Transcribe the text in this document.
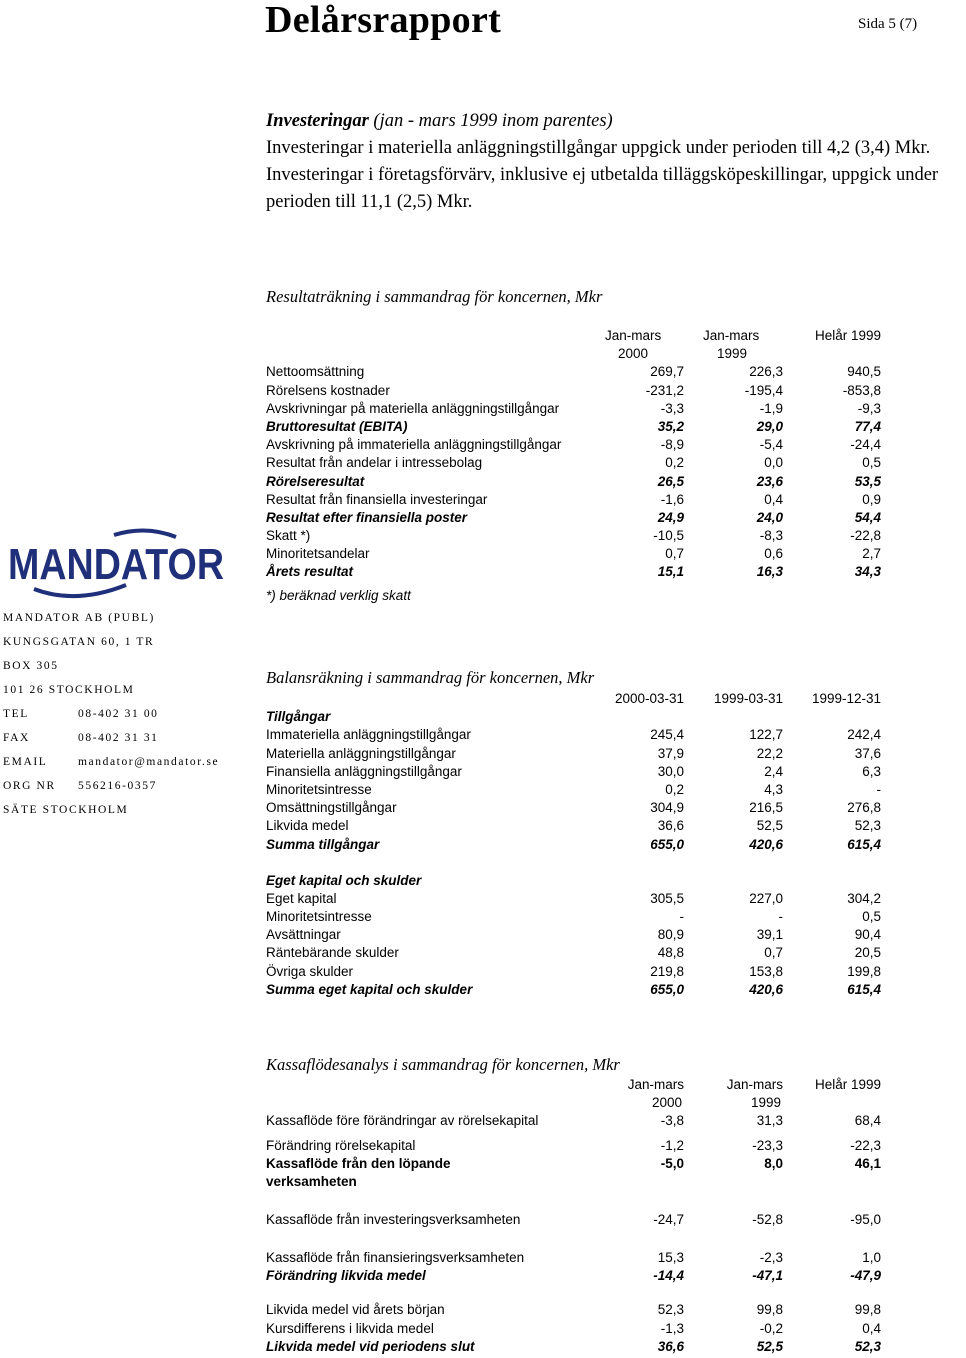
Delårsrapport	Sida 5 (7)
Investeringar (jan - mars 1999 inom parentes)
Investeringar i materiella anläggningstillgångar uppgick under perioden till 4,2 (3,4) Mkr.
Investeringar i företagsförvärv, inklusive ej utbetalda tilläggsköpeskillingar, uppgick under
perioden till 11,1 (2,5) Mkr.
Resultaträkning i sammandrag för koncernen, Mkr
Jan-mars	Jan-mars	Helår 1999
2000	1999
Nettoomsättning	269,7	226,3	940,5
Rörelsens kostnader	-231,2	-195,4	-853,8
Avskrivningar på materiella anläggningstillgångar	-3,3	-1,9	-9,3
Bruttoresultat (EBITA)	35,2	29,0	77,4
Avskrivning på immateriella anläggningstillgångar	-8,9	-5,4	-24,4
Resultat från andelar i intressebolag	0,2	0,0	0,5
Rörelseresultat	26,5	23,6	53,5
Resultat från finansiella investeringar	-1,6	0,4	0,9
Resultat efter finansiella poster	24,9	24,0	54,4
Skatt *)	-10,5	-8,3	-22,8
Minoritetsandelar	0,7	0,6	2,7
Årets resultat	15,1	16,3	34,3
*) beräknad verklig skatt
MANDATOR
MANDATOR AB (PUBL)
KUNGSGATAN 60, 1 TR
BOX 305
101 26 STOCKHOLM
TEL	08-402 31 00
FAX	08-402 31 31
EMAIL	mandator@mandator.se
ORG NR 556216-0357
SÄTE STOCKHOLM
Balansräkning i sammandrag för koncernen, Mkr
2000-03-31 1999-03-31 1999-12-31
Tillgångar
Immateriella anläggningstillgångar	245,4	122,7	242,4
Materiella anläggningstillgångar	37,9	22,2	37,6
Finansiella anläggningstillgångar	30,0	2,4	6,3
Minoritetsintresse	0,2	4,3	-
Omsättningstillgångar	304,9	216,5	276,8
Likvida medel	36,6	52,5	52,3
Summa tillgångar	655,0	420,6	615,4
Eget kapital och skulder
Eget kapital	305,5	227,0	304,2
Minoritetsintresse	-	-	0,5
Avsättningar	80,9	39,1	90,4
Räntebärande skulder	48,8	0,7	20,5
Övriga skulder	219,8	153,8	199,8
Summa eget kapital och skulder	655,0	420,6	615,4
Kassaflödesanalys i sammandrag för koncernen, Mkr
Jan-mars	Jan-mars Helår 1999
2000	1999
Kassaflöde före förändringar av rörelsekapital	-3,8	31,3	68,4
Förändring rörelsekapital	-1,2	-23,3	-22,3
Kassaflöde från den löpande
verksamheten
-5,0	8,0	46,1
Kassaflöde från investeringsverksamheten	-24,7	-52,8	-95,0
Kassaflöde från finansieringsverksamheten	15,3	-2,3	1,0
Förändring likvida medel	-14,4	-47,1	-47,9
Likvida medel vid årets början	52,3	99,8	99,8
Kursdifferens i likvida medel	-1,3	-0,2	0,4
Likvida medel vid periodens slut	36,6	52,5	52,3
